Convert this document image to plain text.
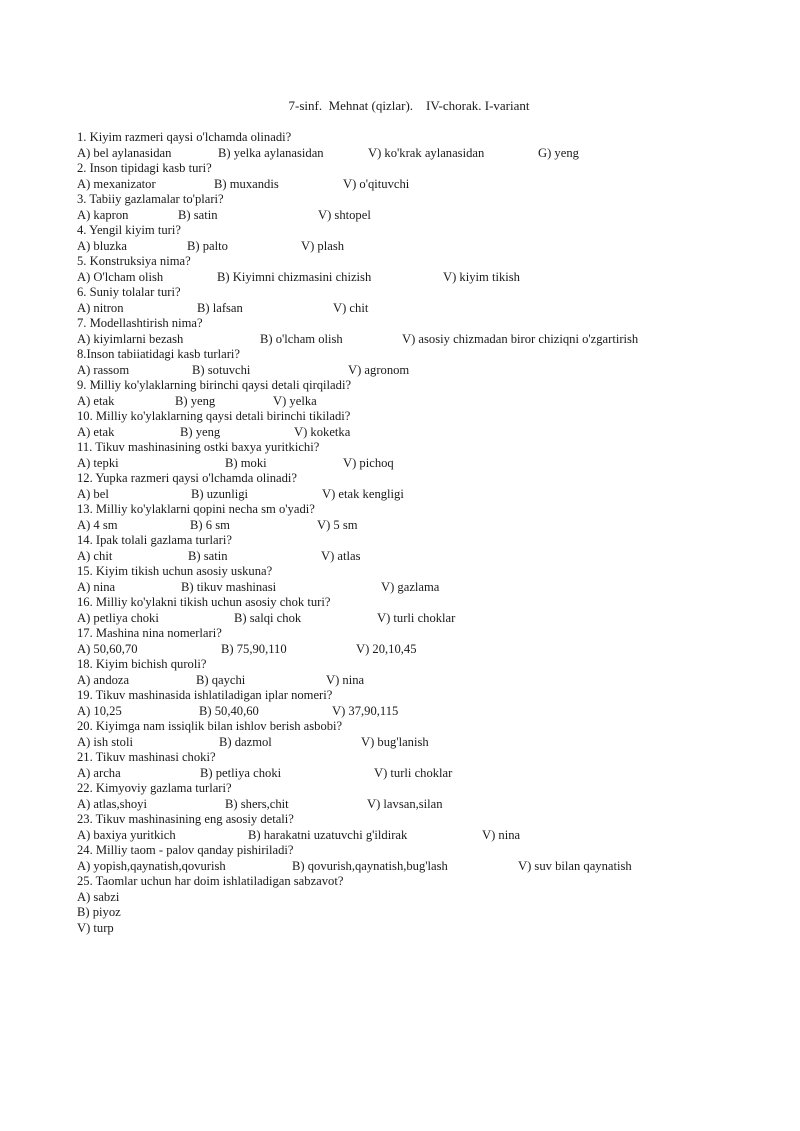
7-sinf.  Mehnat (qizlar).    IV-chorak. I-variant
1. Kiyim razmeri qaysi o'lchamda olinadi?
A) bel aylanasidan	B) yelka aylanasidan	V) ko'krak aylanasidan	G) yeng
2. Inson tipidagi kasb turi?
A) mexanizator	B) muxandis	V) o'qituvchi
3. Tabiiy gazlamalar to'plari?
A) kapron	B) satin	V) shtopel
4. Yengil kiyim turi?
A) bluzka	B) palto	V) plash
5. Konstruksiya nima?
A) O'lcham olish	B) Kiyimni chizmasini chizish	V) kiyim tikish
6. Suniy tolalar turi?
A) nitron	B) lafsan	V) chit
7. Modellashtirish nima?
A) kiyimlarni bezash	B) o'lcham olish	V) asosiy chizmadan biror chiziqni o'zgartirish
8.Inson tabiiatidagi kasb turlari?
A) rassom	B) sotuvchi	V) agronom
9. Milliy ko'ylaklarning birinchi qaysi detali qirqiladi?
A) etak	B) yeng	V) yelka
10. Milliy ko'ylaklarning qaysi detali birinchi tikiladi?
A) etak	B) yeng	V) koketka
11. Tikuv mashinasining ostki baxya yuritkichi?
A) tepki	B) moki	V) pichoq
12. Yupka razmeri qaysi o'lchamda olinadi?
A) bel	B) uzunligi	V) etak kengligi
13. Milliy ko'ylaklarni qopini necha sm o'yadi?
A) 4 sm	B) 6 sm	V) 5 sm
14. Ipak tolali gazlama turlari?
A) chit	B) satin	V) atlas
15. Kiyim tikish uchun asosiy uskuna?
A) nina	B) tikuv mashinasi	V) gazlama
16. Milliy ko'ylakni tikish uchun asosiy chok turi?
A) petliya choki	B) salqi chok	V) turli choklar
17. Mashina nina nomerlari?
A) 50,60,70	B) 75,90,110	V) 20,10,45
18. Kiyim bichish quroli?
A) andoza	B) qaychi	V) nina
19. Tikuv mashinasida ishlatiladigan iplar nomeri?
A) 10,25	B) 50,40,60	V) 37,90,115
20. Kiyimga nam issiqlik bilan ishlov berish asbobi?
A) ish stoli	B) dazmol	V) bug'lanish
21. Tikuv mashinasi choki?
A) archa	B) petliya choki	V) turli choklar
22. Kimyoviy gazlama turlari?
A) atlas,shoyi	B) shers,chit	V) lavsan,silan
23. Tikuv mashinasining eng asosiy detali?
A) baxiya yuritkich	B) harakatni uzatuvchi g'ildirak	V) nina
24. Milliy taom - palov qanday pishiriladi?
A) yopish,qaynatish,qovurish	B) qovurish,qaynatish,bug'lash	V) suv bilan qaynatish
25. Taomlar uchun har doim ishlatiladigan sabzavot?
A) sabzi
B) piyoz
V) turp
